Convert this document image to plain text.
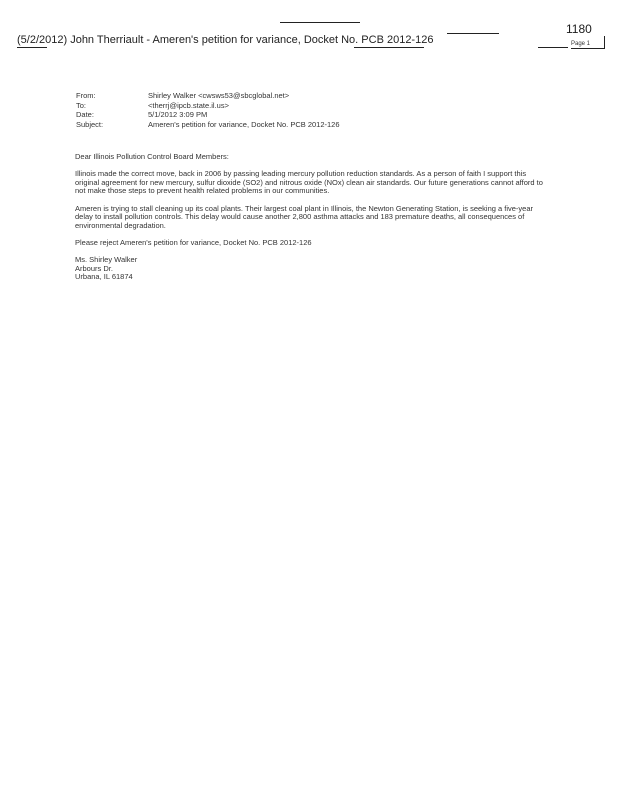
1180
(5/2/2012) John Therriault - Ameren's petition for variance, Docket No. PCB 2012-126	Page 1
From:	Shirley Walker <cwsws53@sbcglobal.net>
To:	<therrj@ipcb.state.il.us>
Date:	5/1/2012 3:09 PM
Subject:	Ameren's petition for variance, Docket No. PCB 2012-126

Dear Illinois Pollution Control Board Members:

Illinois made the correct move, back in 2006 by passing leading mercury pollution reduction standards. As a person of faith I support this original agreement for new mercury, sulfur dioxide (SO2) and nitrous oxide (NOx) clean air standards. Our future generations cannot afford to not make those steps to prevent health related problems in our communities.

Ameren is trying to stall cleaning up its coal plants. Their largest coal plant in Illinois, the Newton Generating Station, is seeking a five-year delay to install pollution controls. This delay would cause another 2,800 asthma attacks and 183 premature deaths, all consequences of environmental degradation.

Please reject Ameren's petition for variance, Docket No. PCB 2012-126

Ms. Shirley Walker
Arbours Dr.
Urbana, IL 61874
